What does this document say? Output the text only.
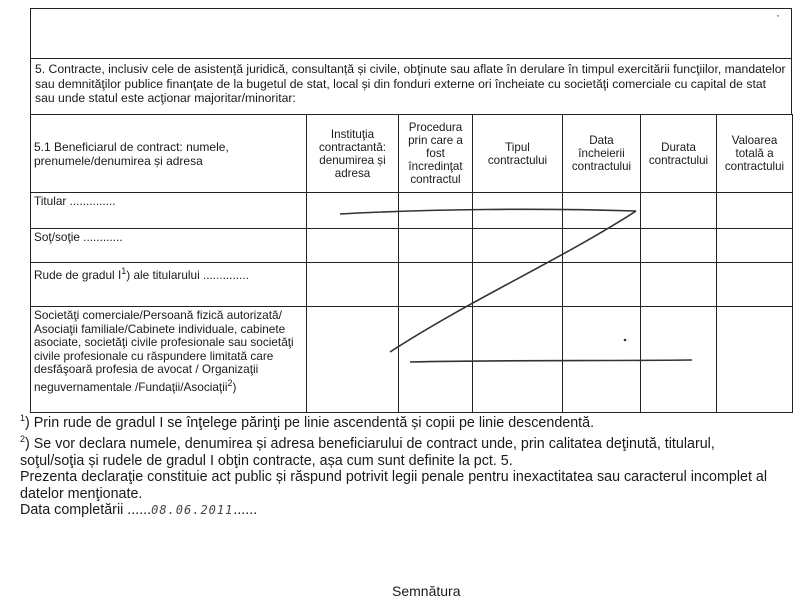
·
5. Contracte, inclusiv cele de asistență juridică, consultanță și civile, obţinute sau aflate în derulare în timpul exercitării funcţiilor, mandatelor sau demnităţilor publice finanţate de la bugetul de stat, local și din fonduri externe ori încheiate cu societăţi comerciale cu capital de stat sau unde statul este acţionar majoritar/minoritar:
5.1 Beneficiarul de contract: numele, prenumele/denumirea și adresa	Instituţia contractantă: denumirea și adresa	Procedura prin care a fost încredinţat contractul	Tipul contractului	Data încheierii contractului	Durata contractului	Valoarea totală a contractului
Titular ..............						
Soţ/soţie ............						
Rude de gradul $I^1$) ale titularului ..............						
Societăţi comerciale/Persoană fizică autorizată/ Asociaţii familiale/Cabinete individuale, cabinete asociate, societăţi civile profesionale sau societăţi civile profesionale cu răspundere limitată care desfăşoară profesia de avocat / Organizaţii neguvernamentale /Fundaţii/Asociaţii$^2$)						

$^1$) Prin rude de gradul I se înţelege părinţi pe linie ascendentă și copii pe linie descendentă.

$^2$) Se vor declara numele, denumirea și adresa beneficiarului de contract unde, prin calitatea deţinută, titularul, soţul/soţia și rudele de gradul I obţin contracte, așa cum sunt definite la pct. 5.

Prezenta declaraţie constituie act public și răspund potrivit legii penale pentru inexactitatea sau caracterul incomplet al datelor menţionate.

Data completării ......08.06.2011......

Semnătura
